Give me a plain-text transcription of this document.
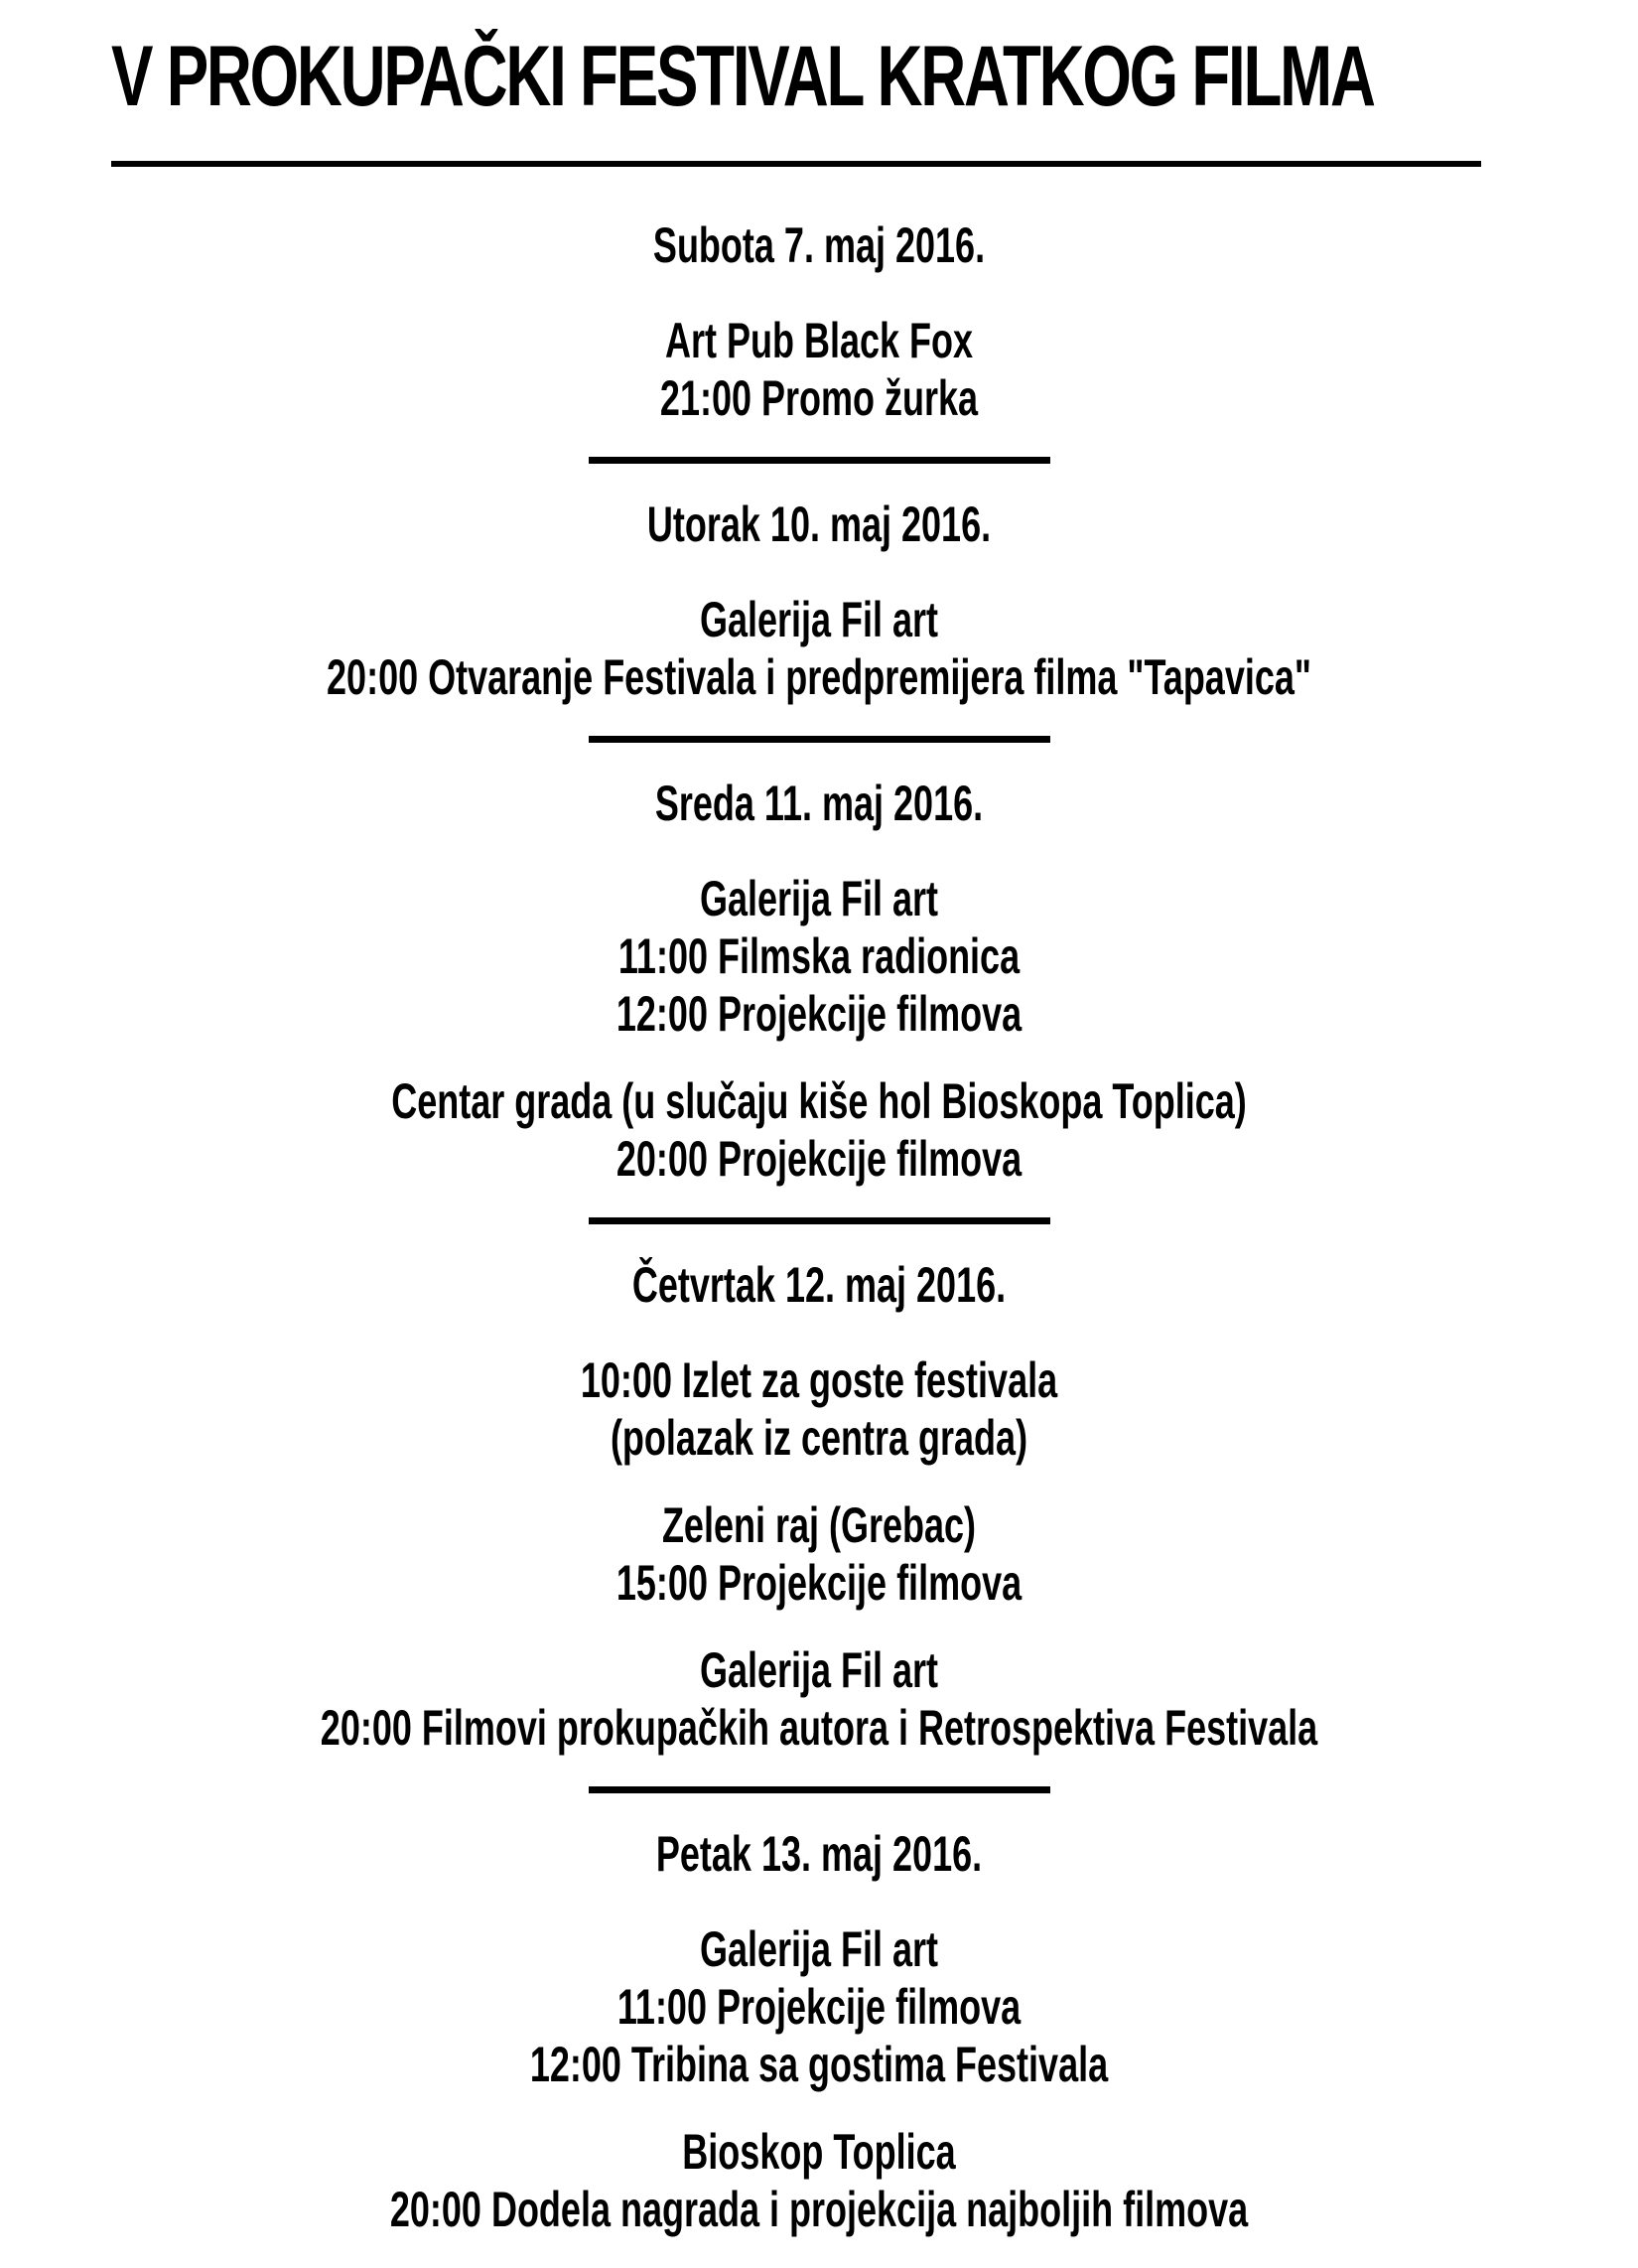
V PROKUPAČKI FESTIVAL KRATKOG FILMA
Subota 7. maj 2016.
Art Pub Black Fox
21:00 Promo žurka
Utorak 10. maj 2016.
Galerija Fil art
20:00 Otvaranje Festivala i predpremijera filma "Tapavica"
Sreda 11. maj 2016.
Galerija Fil art
11:00 Filmska radionica
12:00 Projekcije filmova
Centar grada (u slučaju kiše hol Bioskopa Toplica)
20:00 Projekcije filmova
Četvrtak 12. maj 2016.
10:00 Izlet za goste festivala
(polazak iz centra grada)
Zeleni raj (Grebac)
15:00 Projekcije filmova
Galerija Fil art
20:00 Filmovi prokupačkih autora i Retrospektiva Festivala
Petak 13. maj 2016.
Galerija Fil art
11:00 Projekcije filmova
12:00 Tribina sa gostima Festivala
Bioskop Toplica
20:00 Dodela nagrada i projekcija najboljih filmova
